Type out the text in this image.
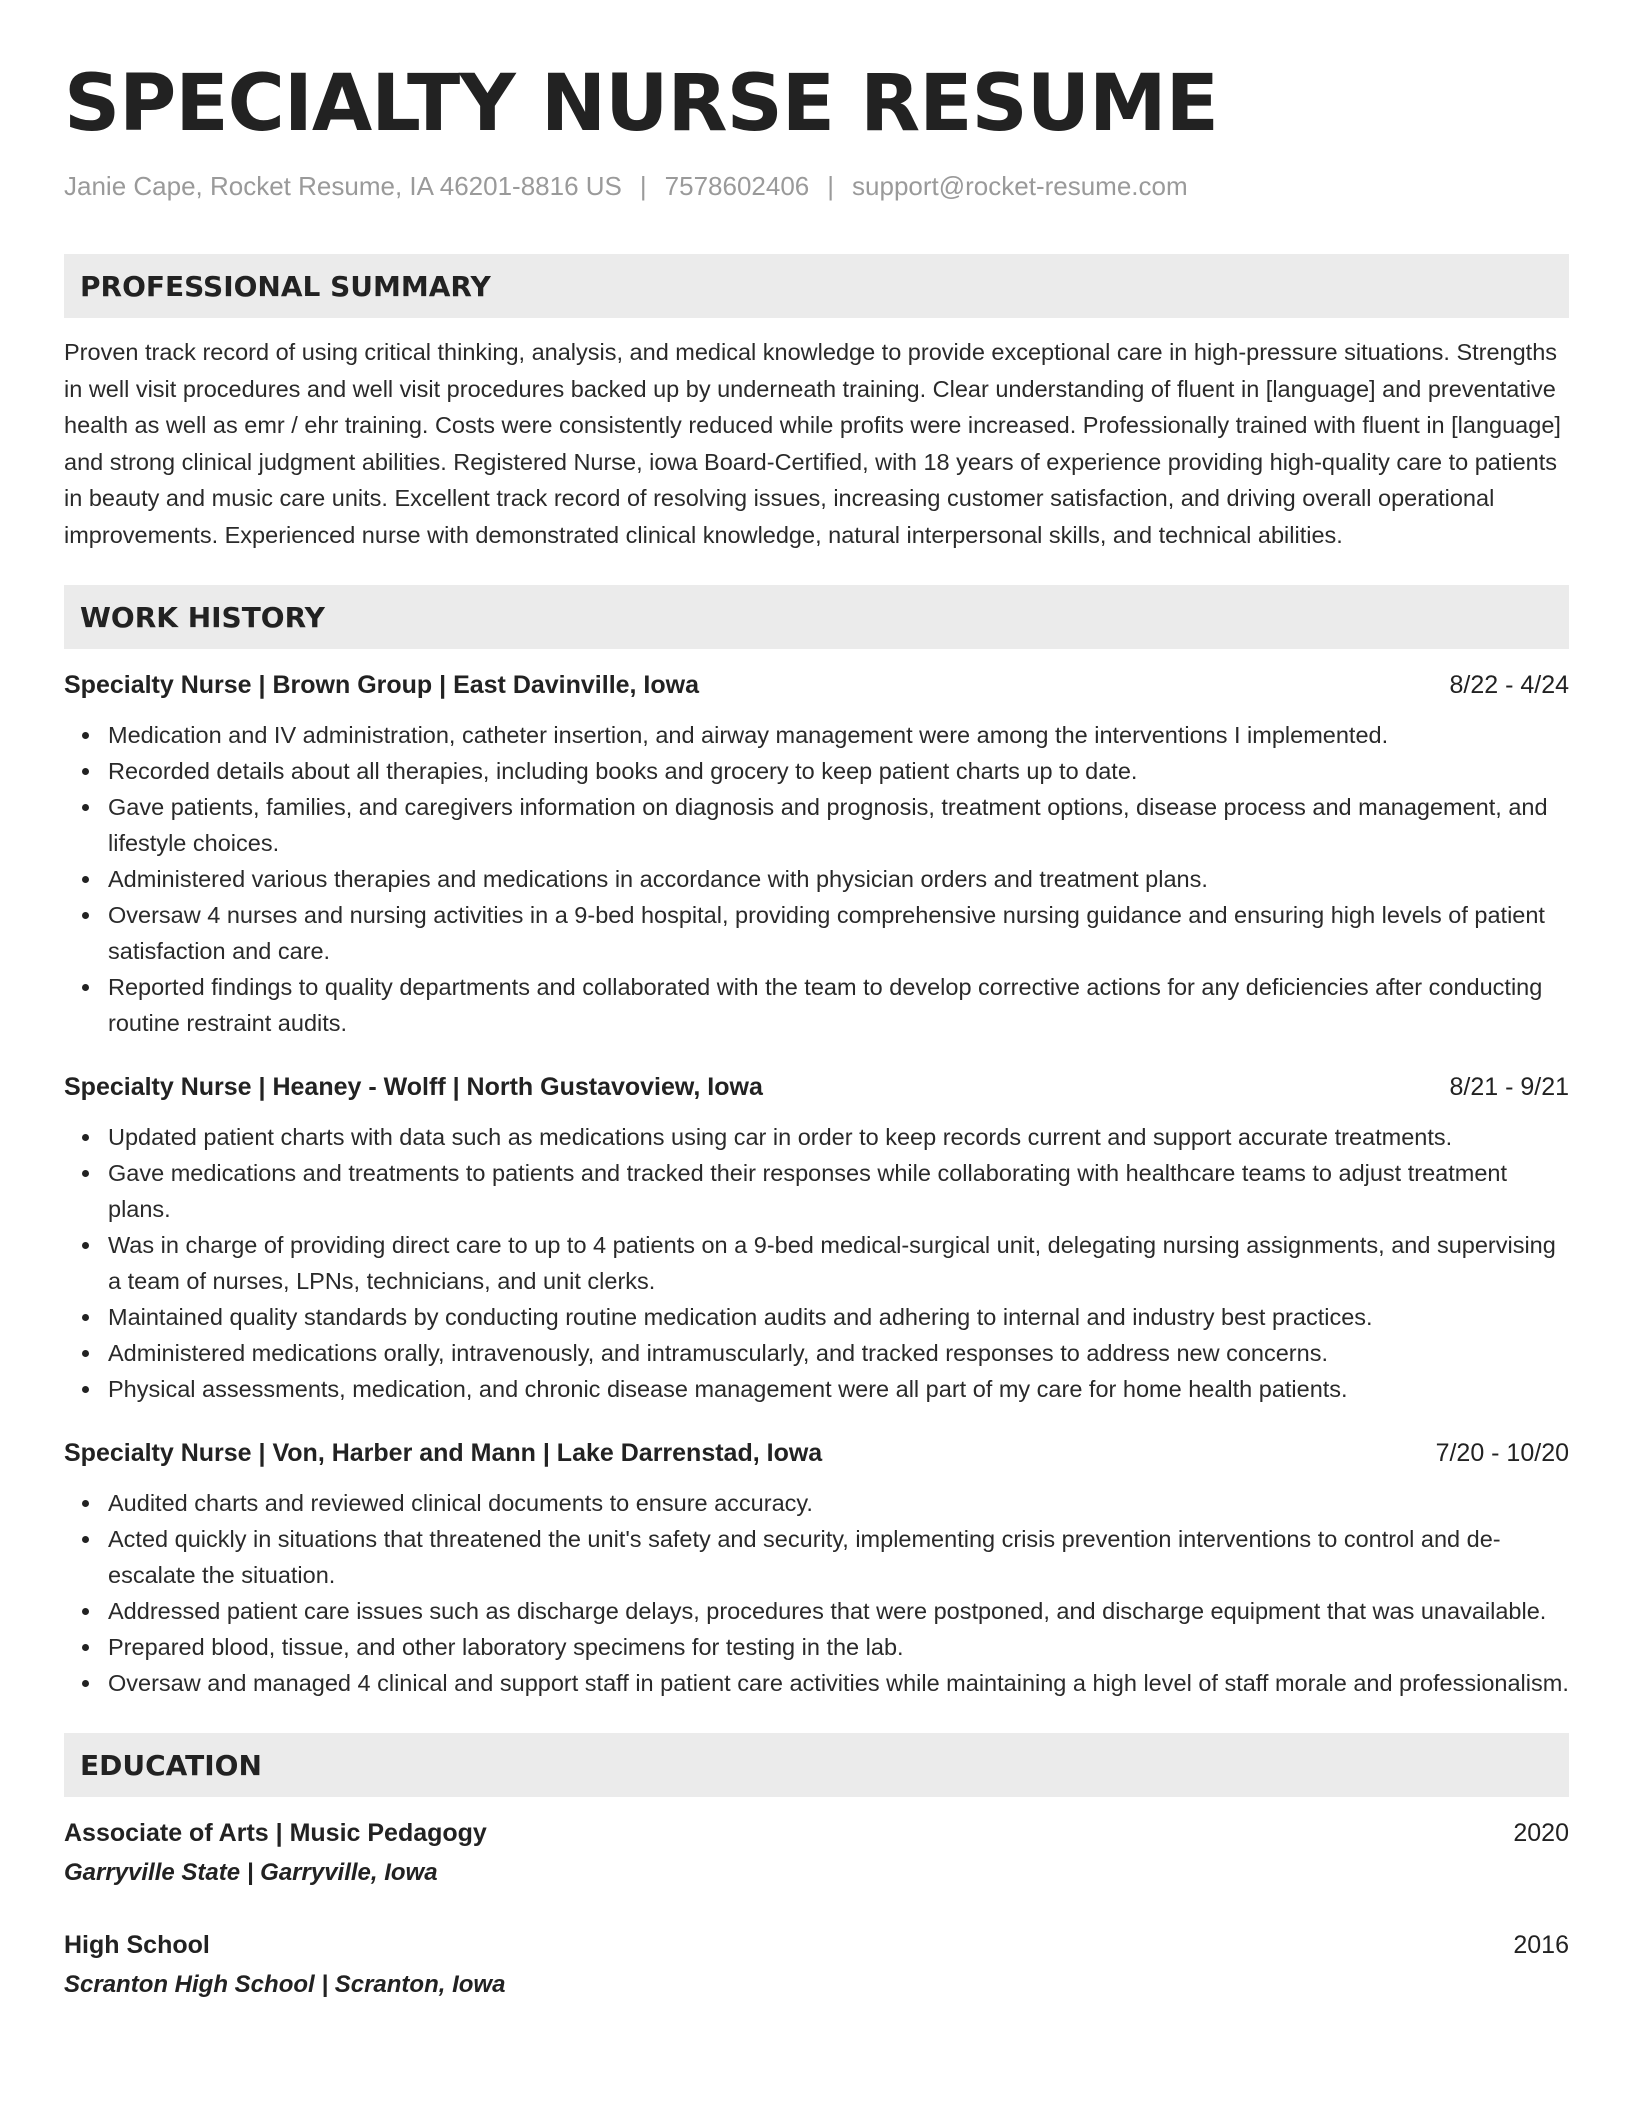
SPECIALTY NURSE RESUME
Janie Cape, Rocket Resume, IA 46201-8816 US | 7578602406 | support@rocket-resume.com
PROFESSIONAL SUMMARY

Proven track record of using critical thinking, analysis, and medical knowledge to provide exceptional care in high-pressure situations. Strengths in well visit procedures and well visit procedures backed up by underneath training. Clear understanding of fluent in [language] and preventative health as well as emr / ehr training. Costs were consistently reduced while profits were increased. Professionally trained with fluent in [language] and strong clinical judgment abilities. Registered Nurse, iowa Board-Certified, with 18 years of experience providing high-quality care to patients in beauty and music care units. Excellent track record of resolving issues, increasing customer satisfaction, and driving overall operational improvements. Experienced nurse with demonstrated clinical knowledge, natural interpersonal skills, and technical abilities.

WORK HISTORY
Specialty Nurse | Brown Group | East Davinville, Iowa	8/22 - 4/24
Medication and IV administration, catheter insertion, and airway management were among the interventions I implemented.
Recorded details about all therapies, including books and grocery to keep patient charts up to date.
Gave patients, families, and caregivers information on diagnosis and prognosis, treatment options, disease process and management, and lifestyle choices.
Administered various therapies and medications in accordance with physician orders and treatment plans.
Oversaw 4 nurses and nursing activities in a 9-bed hospital, providing comprehensive nursing guidance and ensuring high levels of patient satisfaction and care.
Reported findings to quality departments and collaborated with the team to develop corrective actions for any deficiencies after conducting routine restraint audits.
Specialty Nurse | Heaney - Wolff | North Gustavoview, Iowa	8/21 - 9/21
Updated patient charts with data such as medications using car in order to keep records current and support accurate treatments.
Gave medications and treatments to patients and tracked their responses while collaborating with healthcare teams to adjust treatment plans.
Was in charge of providing direct care to up to 4 patients on a 9-bed medical-surgical unit, delegating nursing assignments, and supervising a team of nurses, LPNs, technicians, and unit clerks.
Maintained quality standards by conducting routine medication audits and adhering to internal and industry best practices.
Administered medications orally, intravenously, and intramuscularly, and tracked responses to address new concerns.
Physical assessments, medication, and chronic disease management were all part of my care for home health patients.
Specialty Nurse | Von, Harber and Mann | Lake Darrenstad, Iowa	7/20 - 10/20
Audited charts and reviewed clinical documents to ensure accuracy.
Acted quickly in situations that threatened the unit's safety and security, implementing crisis prevention interventions to control and de-escalate the situation.
Addressed patient care issues such as discharge delays, procedures that were postponed, and discharge equipment that was unavailable.
Prepared blood, tissue, and other laboratory specimens for testing in the lab.
Oversaw and managed 4 clinical and support staff in patient care activities while maintaining a high level of staff morale and professionalism.
EDUCATION
Associate of Arts | Music Pedagogy	2020
Garryville State | Garryville, Iowa
High School	2016
Scranton High School | Scranton, Iowa
